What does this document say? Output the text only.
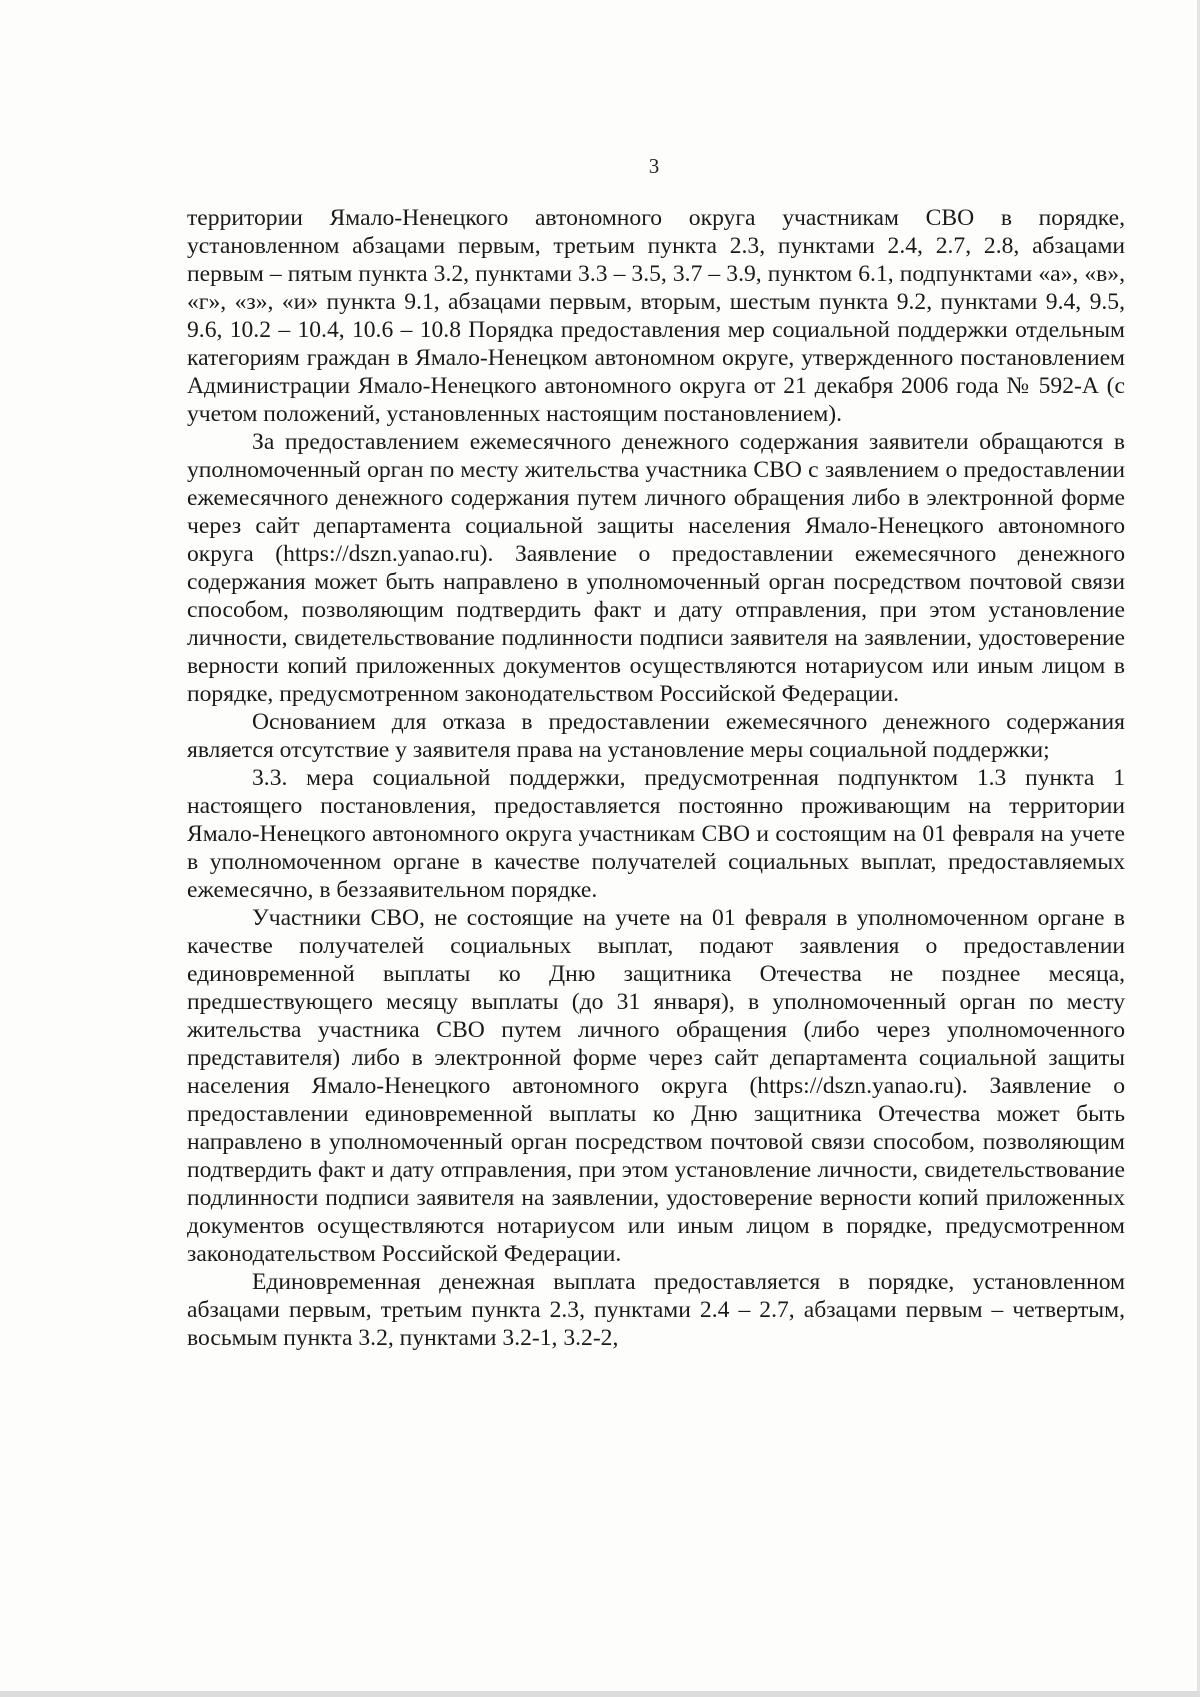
3

территории Ямало-Ненецкого автономного округа участникам СВО в порядке, установленном абзацами первым, третьим пункта 2.3, пунктами 2.4, 2.7, 2.8, абзацами первым – пятым пункта 3.2, пунктами 3.3 – 3.5, 3.7 – 3.9, пунктом 6.1, подпунктами «а», «в», «г», «з», «и» пункта 9.1, абзацами первым, вторым, шестым пункта 9.2, пунктами 9.4, 9.5, 9.6, 10.2 – 10.4, 10.6 – 10.8 Порядка предоставления мер социальной поддержки отдельным категориям граждан в Ямало-Ненецком автономном округе, утвержденного постановлением Администрации Ямало-Ненецкого автономного округа от 21 декабря 2006 года № 592-А (с учетом положений, установленных настоящим постановлением).

За предоставлением ежемесячного денежного содержания заявители обращаются в уполномоченный орган по месту жительства участника СВО с заявлением о предоставлении ежемесячного денежного содержания путем личного обращения либо в электронной форме через сайт департамента социальной защиты населения Ямало-Ненецкого автономного округа (https://dszn.yanao.ru). Заявление о предоставлении ежемесячного денежного содержания может быть направлено в уполномоченный орган посредством почтовой связи способом, позволяющим подтвердить факт и дату отправления, при этом установление личности, свидетельствование подлинности подписи заявителя на заявлении, удостоверение верности копий приложенных документов осуществляются нотариусом или иным лицом в порядке, предусмотренном законодательством Российской Федерации.

Основанием для отказа в предоставлении ежемесячного денежного содержания является отсутствие у заявителя права на установление меры социальной поддержки;

3.3. мера социальной поддержки, предусмотренная подпунктом 1.3 пункта 1 настоящего постановления, предоставляется постоянно проживающим на территории Ямало-Ненецкого автономного округа участникам СВО и состоящим на 01 февраля на учете в уполномоченном органе в качестве получателей социальных выплат, предоставляемых ежемесячно, в беззаявительном порядке.

Участники СВО, не состоящие на учете на 01 февраля в уполномоченном органе в качестве получателей социальных выплат, подают заявления о предоставлении единовременной выплаты ко Дню защитника Отечества не позднее месяца, предшествующего месяцу выплаты (до 31 января), в уполномоченный орган по месту жительства участника СВО путем личного обращения (либо через уполномоченного представителя) либо в электронной форме через сайт департамента социальной защиты населения Ямало-Ненецкого автономного округа (https://dszn.yanao.ru). Заявление о предоставлении единовременной выплаты ко Дню защитника Отечества может быть направлено в уполномоченный орган посредством почтовой связи способом, позволяющим подтвердить факт и дату отправления, при этом установление личности, свидетельствование подлинности подписи заявителя на заявлении, удостоверение верности копий приложенных документов осуществляются нотариусом или иным лицом в порядке, предусмотренном законодательством Российской Федерации.

Единовременная денежная выплата предоставляется в порядке, установленном абзацами первым, третьим пункта 2.3, пунктами 2.4 – 2.7, абзацами первым – четвертым, восьмым пункта 3.2, пунктами 3.2-1, 3.2-2,
